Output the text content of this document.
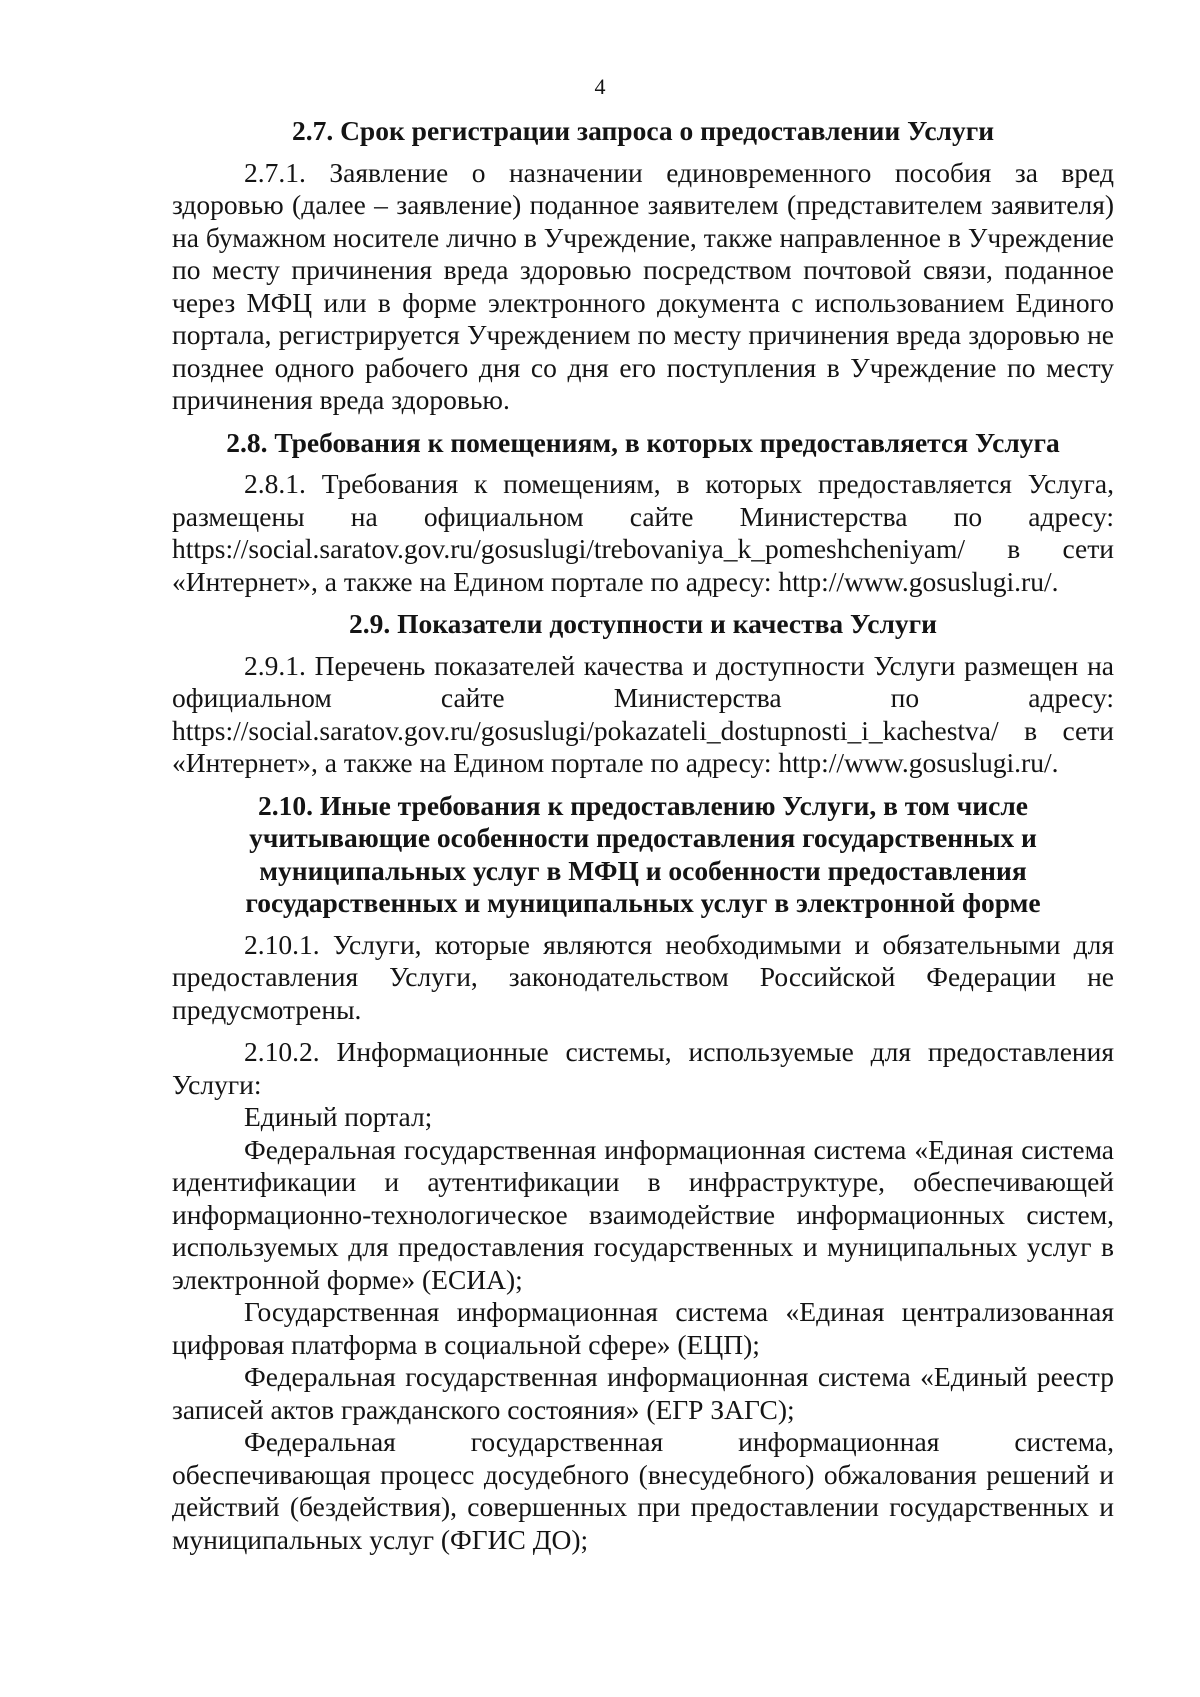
4
2.7. Срок регистрации запроса о предоставлении Услуги

2.7.1. Заявление о назначении единовременного пособия за вред здоровью (далее – заявление) поданное заявителем (представителем заявителя) на бумажном носителе лично в Учреждение, также направленное в Учреждение по месту причинения вреда здоровью посредством почтовой связи, поданное через МФЦ или в форме электронного документа с использованием Единого портала, регистрируется Учреждением по месту причинения вреда здоровью не позднее одного рабочего дня со дня его поступления в Учреждение по месту причинения вреда здоровью.

2.8. Требования к помещениям, в которых предоставляется Услуга

2.8.1. Требования к помещениям, в которых предоставляется Услуга, размещены на официальном сайте Министерства по адресу: https://social.saratov.gov.ru/gosuslugi/trebovaniya_k_pomeshcheniyam/ в сети «Интернет», а также на Едином портале по адресу: http://www.gosuslugi.ru/.

2.9. Показатели доступности и качества Услуги

2.9.1. Перечень показателей качества и доступности Услуги размещен на официальном сайте Министерства по адресу: https://social.saratov.gov.ru/gosuslugi/pokazateli_dostupnosti_i_kachestva/ в сети «Интернет», а также на Едином портале по адресу: http://www.gosuslugi.ru/.

2.10. Иные требования к предоставлению Услуги, в том числе учитывающие особенности предоставления государственных и муниципальных услуг в МФЦ и особенности предоставления государственных и муниципальных услуг в электронной форме

2.10.1. Услуги, которые являются необходимыми и обязательными для предоставления Услуги, законодательством Российской Федерации не предусмотрены.

2.10.2. Информационные системы, используемые для предоставления Услуги:

Единый портал;

Федеральная государственная информационная система «Единая система идентификации и аутентификации в инфраструктуре, обеспечивающей информационно-технологическое взаимодействие информационных систем, используемых для предоставления государственных и муниципальных услуг в электронной форме» (ЕСИА);

Государственная информационная система «Единая централизованная цифровая платформа в социальной сфере» (ЕЦП);

Федеральная государственная информационная система «Единый реестр записей актов гражданского состояния» (ЕГР ЗАГС);

Федеральная государственная информационная система, обеспечивающая процесс досудебного (внесудебного) обжалования решений и действий (бездействия), совершенных при предоставлении государственных и муниципальных услуг (ФГИС ДО);
